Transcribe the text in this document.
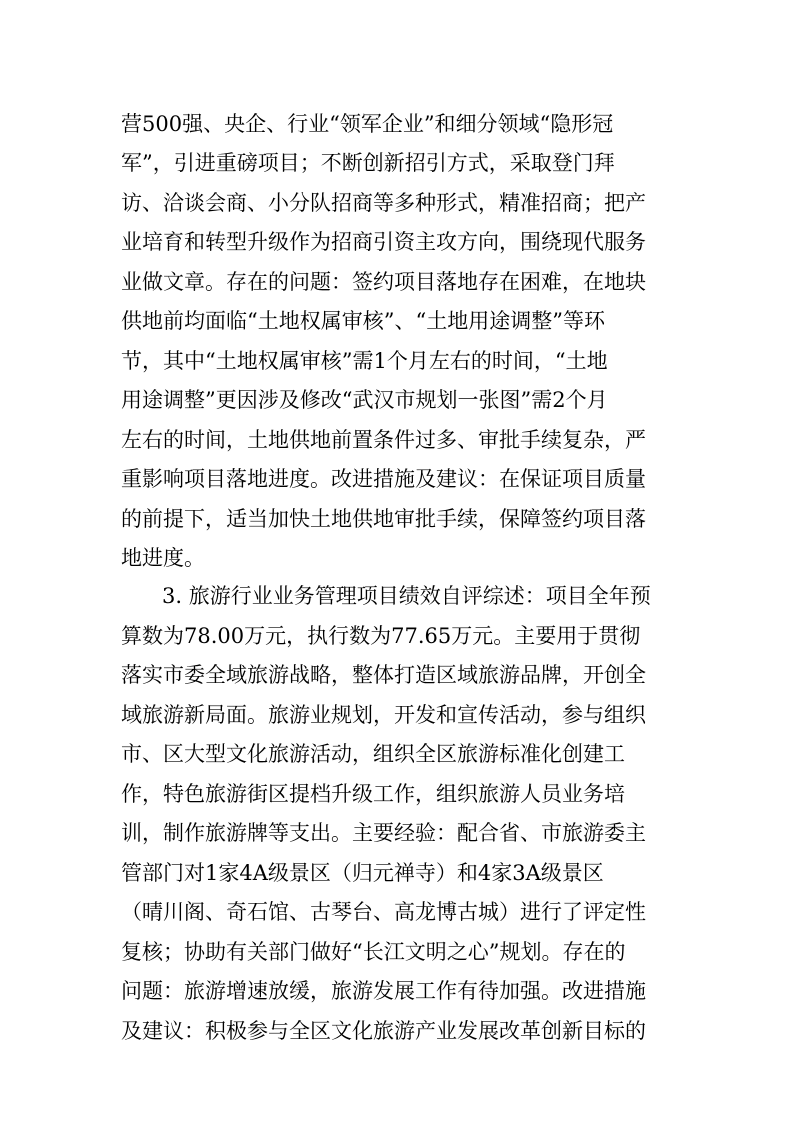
营500强、央企、行业“领军企业”和细分领域“隐形冠
军”，引进重磅项目；不断创新招引方式，采取登门拜
访、洽谈会商、小分队招商等多种形式，精准招商；把产
业培育和转型升级作为招商引资主攻方向，围绕现代服务
业做文章。存在的问题：签约项目落地存在困难，在地块
供地前均面临“土地权属审核”、“土地用途调整”等环
节，其中“土地权属审核”需1个月左右的时间，“土地
用途调整”更因涉及修改“武汉市规划一张图”需2个月
左右的时间，土地供地前置条件过多、审批手续复杂，严
重影响项目落地进度。改进措施及建议：在保证项目质量
的前提下，适当加快土地供地审批手续，保障签约项目落
地进度。
3. 旅游行业业务管理项目绩效自评综述：项目全年预
算数为78.00万元，执行数为77.65万元。主要用于贯彻
落实市委全域旅游战略，整体打造区域旅游品牌，开创全
域旅游新局面。旅游业规划，开发和宣传活动，参与组织
市、区大型文化旅游活动，组织全区旅游标准化创建工
作，特色旅游街区提档升级工作，组织旅游人员业务培
训，制作旅游牌等支出。主要经验：配合省、市旅游委主
管部门对1家4A级景区（归元禅寺）和4家3A级景区
（晴川阁、奇石馆、古琴台、高龙博古城）进行了评定性
复核；协助有关部门做好“长江文明之心”规划。存在的
问题：旅游增速放缓，旅游发展工作有待加强。改进措施
及建议：积极参与全区文化旅游产业发展改革创新目标的
